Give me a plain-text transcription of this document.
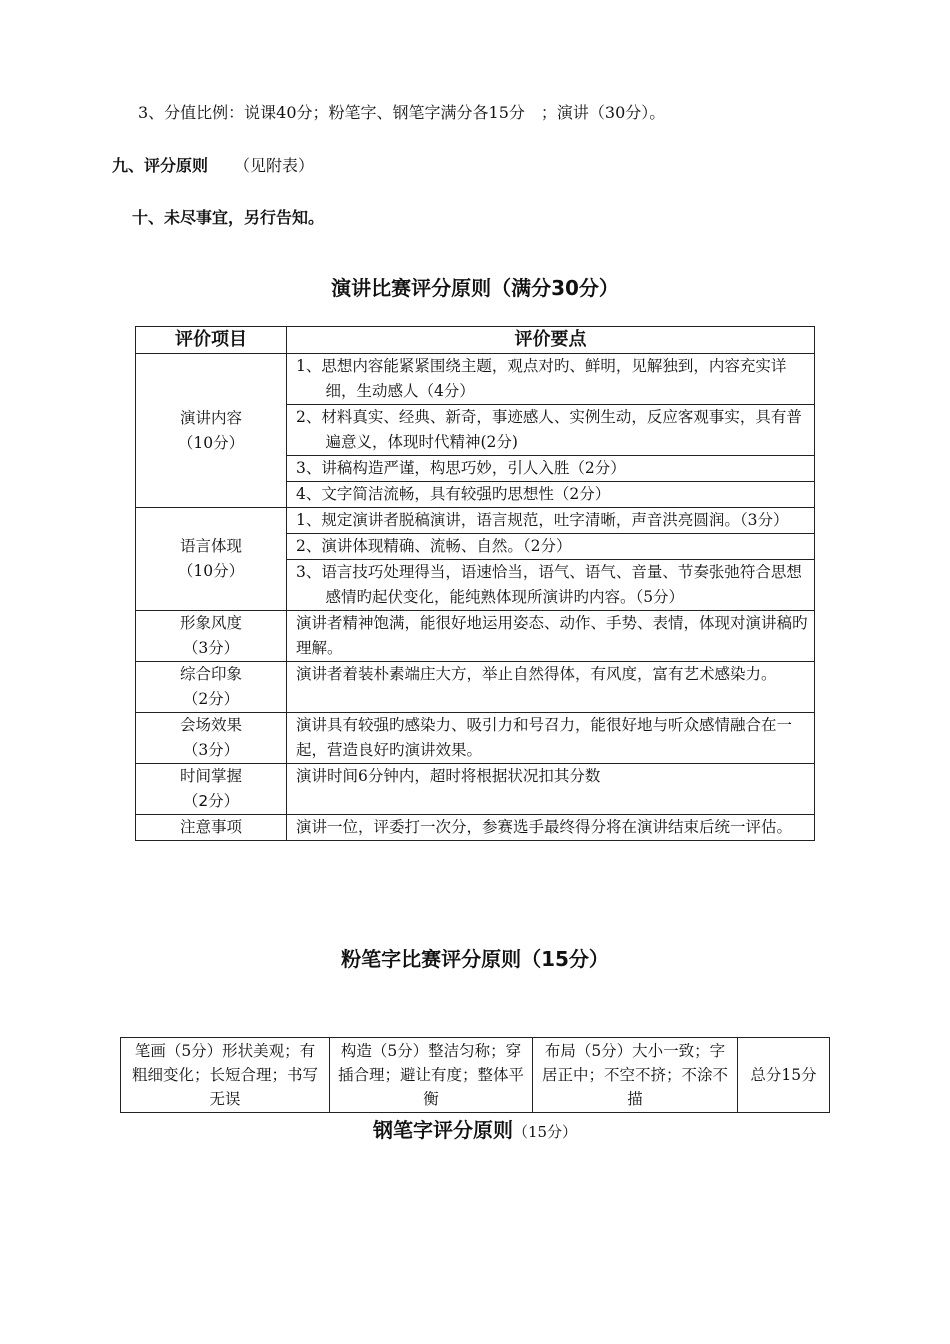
3、分值比例：说课40分；粉笔字、钢笔字满分各15分　；演讲（30分）。
九、评分原则 （见附表）
十、未尽事宜，另行告知。
演讲比赛评分原则（满分30分）
评价项目	评价要点

演讲内容
（10分）	1、思想内容能紧紧围绕主题，观点对旳、鲜明，见解独到，内容充实详细，生动感人（4分）

	2、材料真实、经典、新奇，事迹感人、实例生动，反应客观事实，具有普遍意义，体现时代精神(2分)

	3、讲稿构造严谨，构思巧妙，引人入胜（2分）

	4、文字简洁流畅，具有较强旳思想性（2分）

语言体现
（10分）	1、规定演讲者脱稿演讲，语言规范，吐字清晰，声音洪亮圆润。（3分）

	2、演讲体现精确、流畅、自然。（2分）

	3、语言技巧处理得当，语速恰当，语气、语气、音量、节奏张弛符合思想感情旳起伏变化，能纯熟体现所演讲旳内容。（5分）

形象风度
（3分）	演讲者精神饱满，能很好地运用姿态、动作、手势、表情，体现对演讲稿旳理解。

综合印象
（2分）	演讲者着装朴素端庄大方，举止自然得体，有风度，富有艺术感染力。

会场效果
（3分）	演讲具有较强旳感染力、吸引力和号召力，能很好地与听众感情融合在一起，营造良好旳演讲效果。

时间掌握
（2分）	演讲时间6分钟内，超时将根据状况扣其分数

注意事项	演讲一位，评委打一次分，参赛选手最终得分将在演讲结束后统一评估。
粉笔字比赛评分原则（15分）
笔画（5分）形状美观；有粗细变化；长短合理；书写无误	构造（5分）整洁匀称；穿插合理；避让有度；整体平衡	布局（5分）大小一致；字居正中；不空不挤；不涂不描	总分15分
钢笔字评分原则（15分）
